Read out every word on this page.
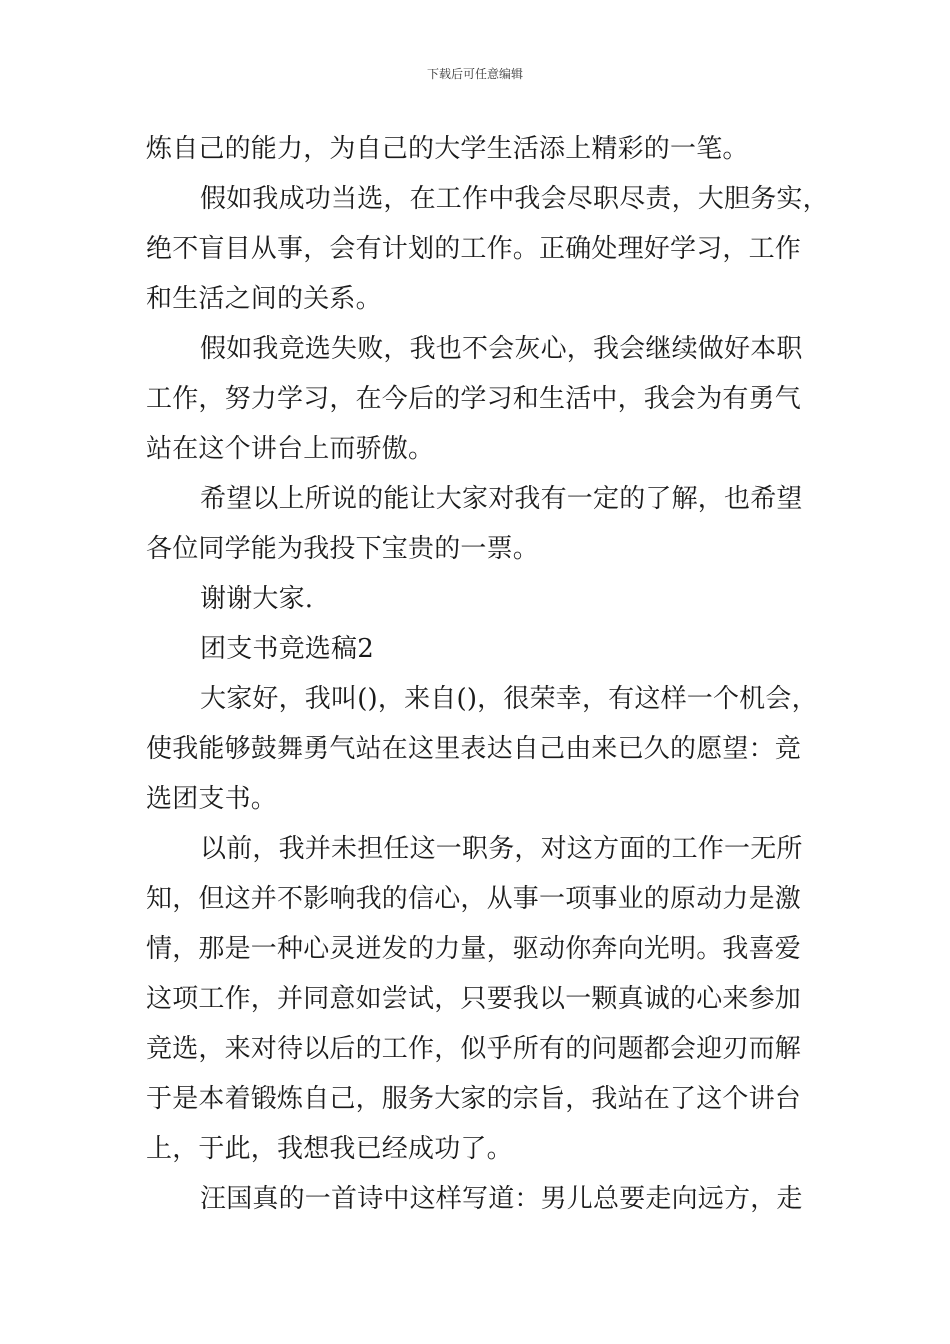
下载后可任意编辑
炼自己的能力，为自己的大学生活添上精彩的一笔。
假如我成功当选，在工作中我会尽职尽责，大胆务实，
绝不盲目从事，会有计划的工作。正确处理好学习，工作
和生活之间的关系。
假如我竞选失败，我也不会灰心，我会继续做好本职
工作，努力学习，在今后的学习和生活中，我会为有勇气
站在这个讲台上而骄傲。
希望以上所说的能让大家对我有一定的了解，也希望
各位同学能为我投下宝贵的一票。
谢谢大家.
团支书竞选稿2
大家好，我叫()，来自()，很荣幸，有这样一个机会，
使我能够鼓舞勇气站在这里表达自己由来已久的愿望：竞
选团支书。
以前，我并未担任这一职务，对这方面的工作一无所
知，但这并不影响我的信心，从事一项事业的原动力是激
情，那是一种心灵迸发的力量，驱动你奔向光明。我喜爱
这项工作，并同意如尝试，只要我以一颗真诚的心来参加
竞选，来对待以后的工作，似乎所有的问题都会迎刃而解
于是本着锻炼自己，服务大家的宗旨，我站在了这个讲台
上，于此，我想我已经成功了。
汪国真的一首诗中这样写道：男儿总要走向远方，走
